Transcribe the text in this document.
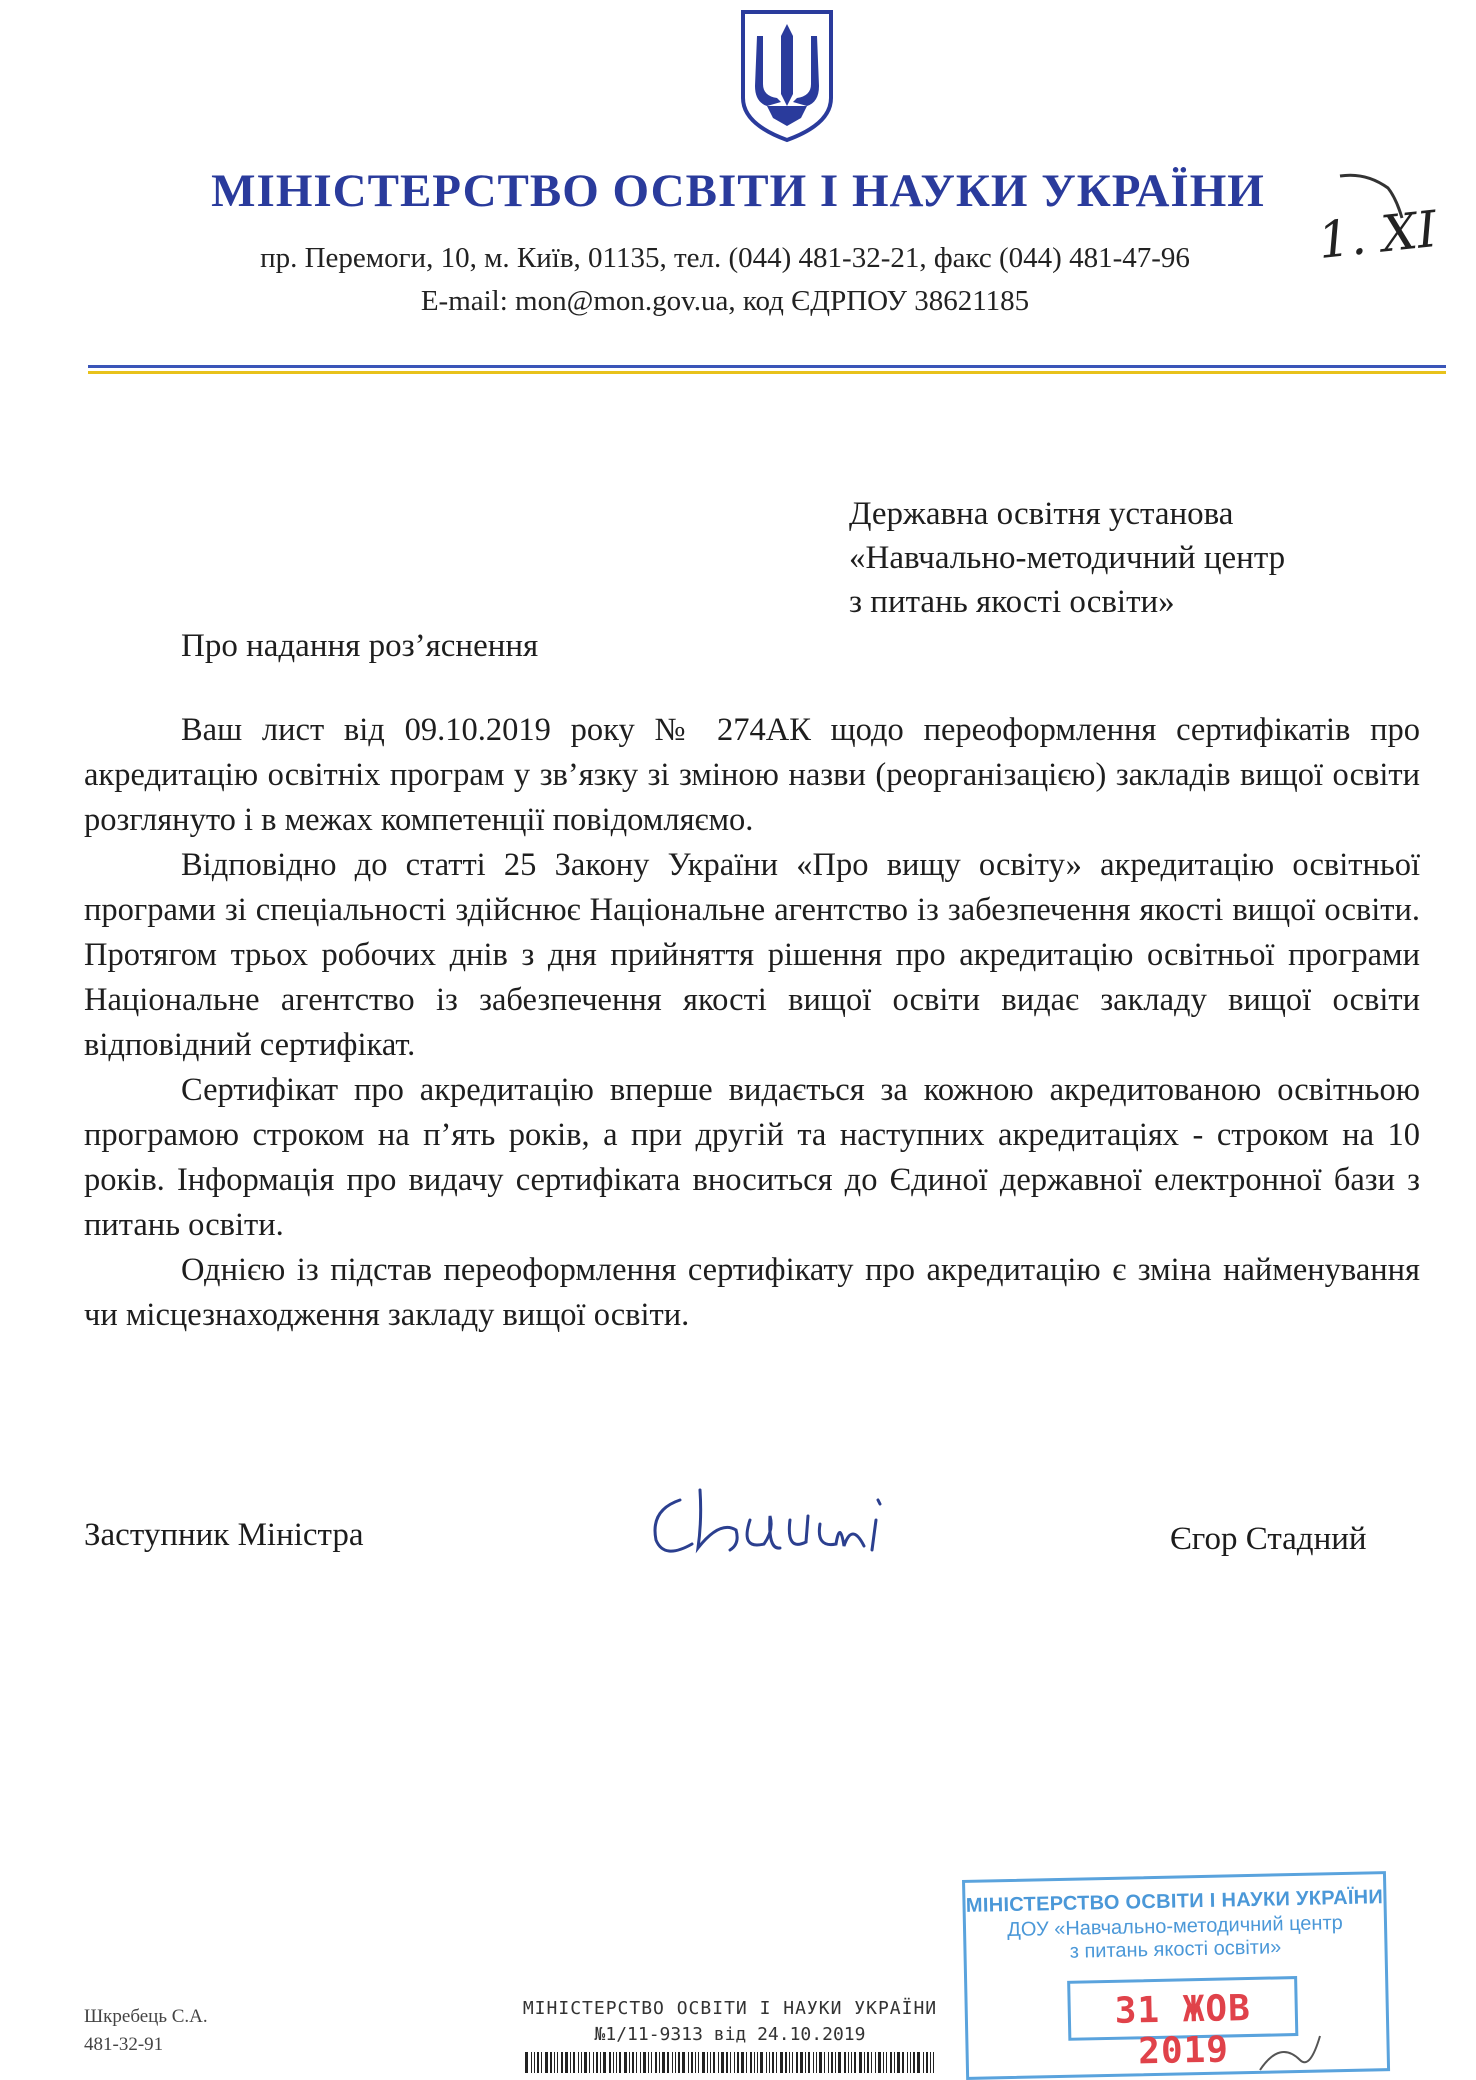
МІНІСТЕРСТВО ОСВІТИ І НАУКИ УКРАЇНИ
пр. Перемоги, 10, м. Київ, 01135, тел. (044) 481-32-21, факс (044) 481-47-96	1. XI
E-mail: mon@mon.gov.ua, код ЄДРПОУ 38621185
Державна освітня установа
«Навчально-методичний центр
з питань якості освіти»
Про надання роз’яснення

Ваш лист від 09.10.2019 року № 274АК щодо переоформлення сертифікатів про акредитацію освітніх програм у зв’язку зі зміною назви (реорганізацією) закладів вищої освіти розглянуто і в межах компетенції повідомляємо.

Відповідно до статті 25 Закону України «Про вищу освіту» акредитацію освітньої програми зі спеціальності здійснює Національне агентство із забезпечення якості вищої освіти. Протягом трьох робочих днів з дня прийняття рішення про акредитацію освітньої програми Національне агентство із забезпечення якості вищої освіти видає закладу вищої освіти відповідний сертифікат.

Сертифікат про акредитацію вперше видається за кожною акредитованою освітньою програмою строком на п’ять років, а при другій та наступних акредитаціях - строком на 10 років. Інформація про видачу сертифіката вноситься до Єдиної державної електронної бази з питань освіти.

Однією із підстав переоформлення сертифікату про акредитацію є зміна найменування чи місцезнаходження закладу вищої освіти.

Заступник Міністра	Єгор Стадний
Шкребець С.А.
481-32-91
МІНІСТЕРСТВО ОСВІТИ І НАУКИ УКРАЇНИ
№1/11-9313 від 24.10.2019
МІНІСТЕРСТВО ОСВІТИ І НАУКИ УКРАЇНИ
ДОУ «Навчально-методичний центр
з питань якості освіти»
31 ЖОВ 2019
